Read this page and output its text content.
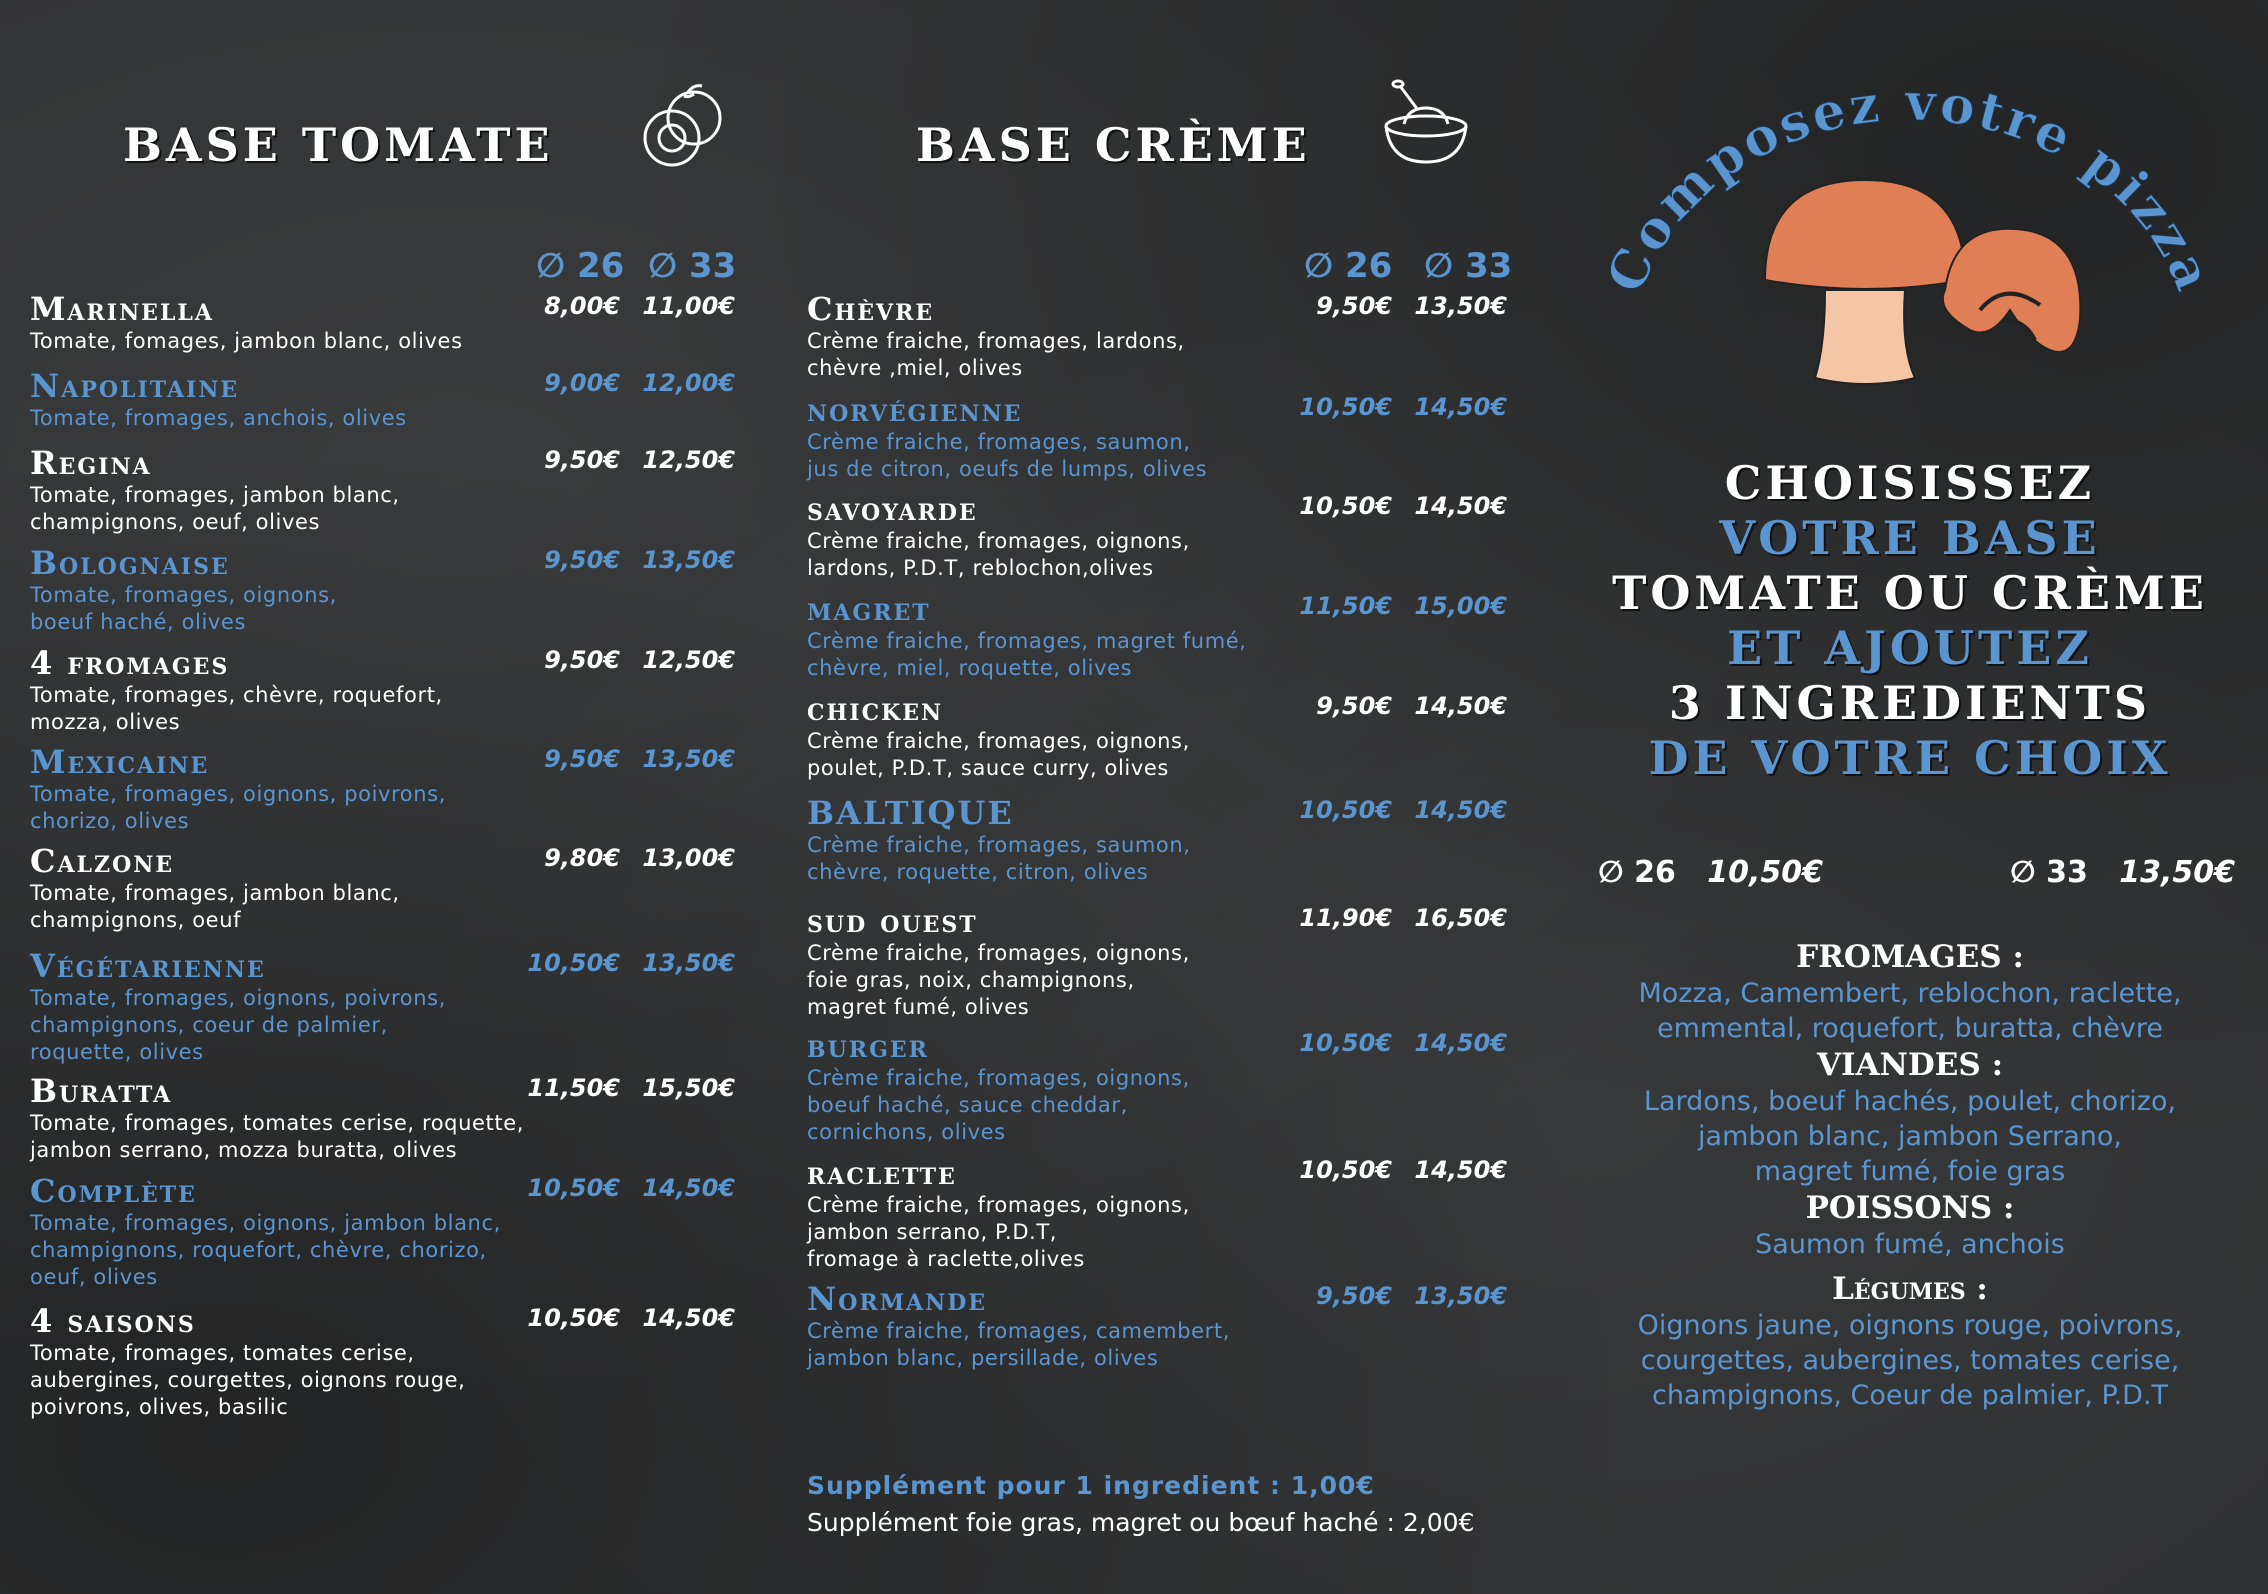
BASE TOMATE
∅ 26 ∅ 33
Marinella
Tomate, fomages, jambon blanc, olives
8,00€ 11,00€
Napolitaine
Tomate, fromages, anchois, olives
9,00€ 12,00€
Regina
Tomate, fromages, jambon blanc,
champignons, oeuf, olives
9,50€ 12,50€
Bolognaise
Tomate, fromages, oignons,
boeuf haché, olives
9,50€ 13,50€
4 fromages
Tomate, fromages, chèvre, roquefort,
mozza, olives
9,50€ 12,50€
Mexicaine
Tomate, fromages, oignons, poivrons,
chorizo, olives
9,50€ 13,50€
Calzone
Tomate, fromages, jambon blanc,
champignons, oeuf
9,80€ 13,00€
Végétarienne
Tomate, fromages, oignons, poivrons,
champignons, coeur de palmier,
roquette, olives
10,50€ 13,50€
Buratta
Tomate, fromages, tomates cerise, roquette,
jambon serrano, mozza buratta, olives
11,50€ 15,50€
Complète
Tomate, fromages, oignons, jambon blanc,
champignons, roquefort, chèvre, chorizo,
oeuf, olives
10,50€ 14,50€
4 saisons
Tomate, fromages, tomates cerise,
aubergines, courgettes, oignons rouge,
poivrons, olives, basilic
10,50€ 14,50€
BASE CRÈME
∅ 26 ∅ 33
Chèvre
Crème fraiche, fromages, lardons,
chèvre ,miel, olives
9,50€ 13,50€
norvégienne
Crème fraiche, fromages, saumon,
jus de citron, oeufs de lumps, olives
10,50€ 14,50€
savoyarde
Crème fraiche, fromages, oignons,
lardons, P.D.T, reblochon,olives
10,50€ 14,50€
magret
Crème fraiche, fromages, magret fumé,
chèvre, miel, roquette, olives
11,50€ 15,00€
chicken
Crème fraiche, fromages, oignons,
poulet, P.D.T, sauce curry, olives
9,50€ 14,50€
BALTIQUE
Crème fraiche, fromages, saumon,
chèvre, roquette, citron, olives
10,50€ 14,50€
sud ouest
Crème fraiche, fromages, oignons,
foie gras, noix, champignons,
magret fumé, olives
11,90€ 16,50€
burger
Crème fraiche, fromages, oignons,
boeuf haché, sauce cheddar,
cornichons, olives
10,50€ 14,50€
raclette
Crème fraiche, fromages, oignons,
jambon serrano, P.D.T,
fromage à raclette,olives
10,50€ 14,50€
Normande
Crème fraiche, fromages, camembert,
jambon blanc, persillade, olives
9,50€ 13,50€
Supplément pour 1 ingredient : 1,00€
Supplément foie gras, magret ou bœuf haché : 2,00€
Composez votre pizza
CHOISISSEZ
VOTRE BASE
TOMATE OU CRÈME
ET AJOUTEZ
3 INGREDIENTS
DE VOTRE CHOIX
∅ 26 10,50€	∅ 33 13,50€
FROMAGES :
Mozza, Camembert, reblochon, raclette,
emmental, roquefort, buratta, chèvre
VIANDES :
Lardons, boeuf hachés, poulet, chorizo,
jambon blanc, jambon Serrano,
magret fumé, foie gras
POISSONS :
Saumon fumé, anchois
Légumes :
Oignons jaune, oignons rouge, poivrons,
courgettes, aubergines, tomates cerise,
champignons, Coeur de palmier, P.D.T
